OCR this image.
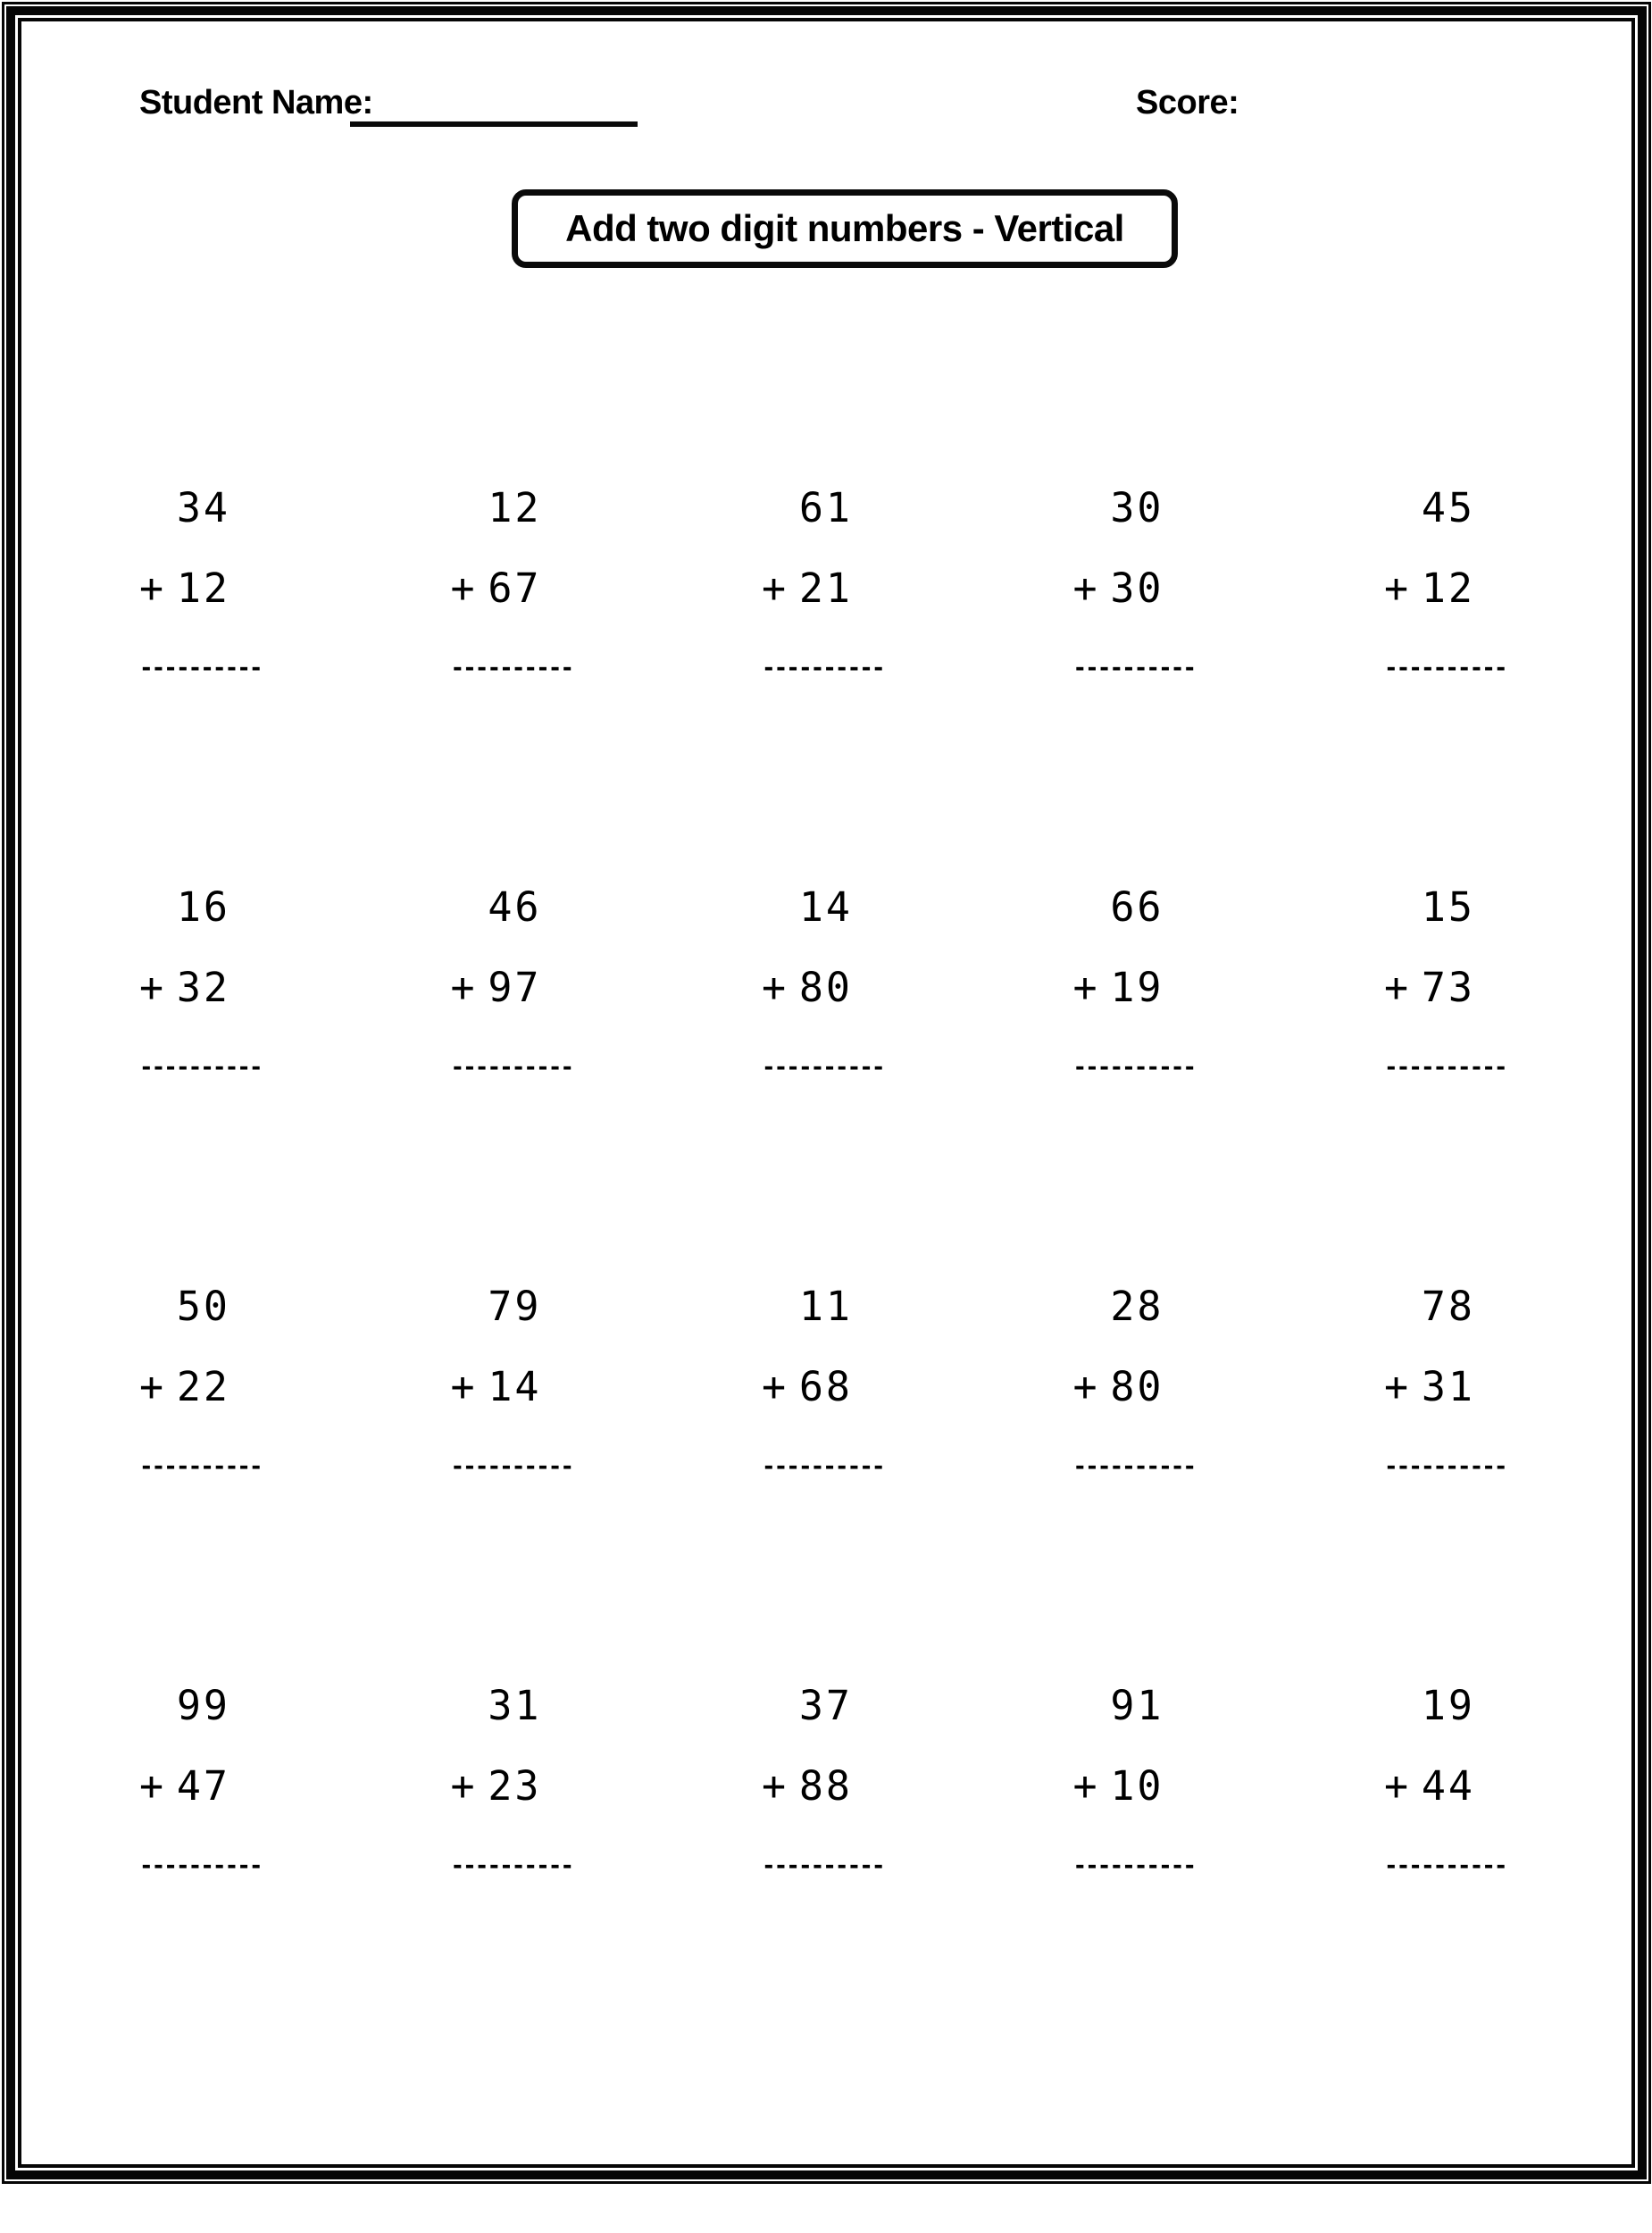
Student Name:	Score:
Add two digit numbers - Vertical
34
+ 12
----------
12
+ 67
----------
61
+ 21
----------
30
+ 30
----------
45
+ 12
----------
16
+ 32
----------
46
+ 97
----------
14
+ 80
----------
66
+ 19
----------
15
+ 73
----------
50
+ 22
----------
79
+ 14
----------
11
+ 68
----------
28
+ 80
----------
78
+ 31
----------
99
+ 47
----------
31
+ 23
----------
37
+ 88
----------
91
+ 10
----------
19
+ 44
----------
